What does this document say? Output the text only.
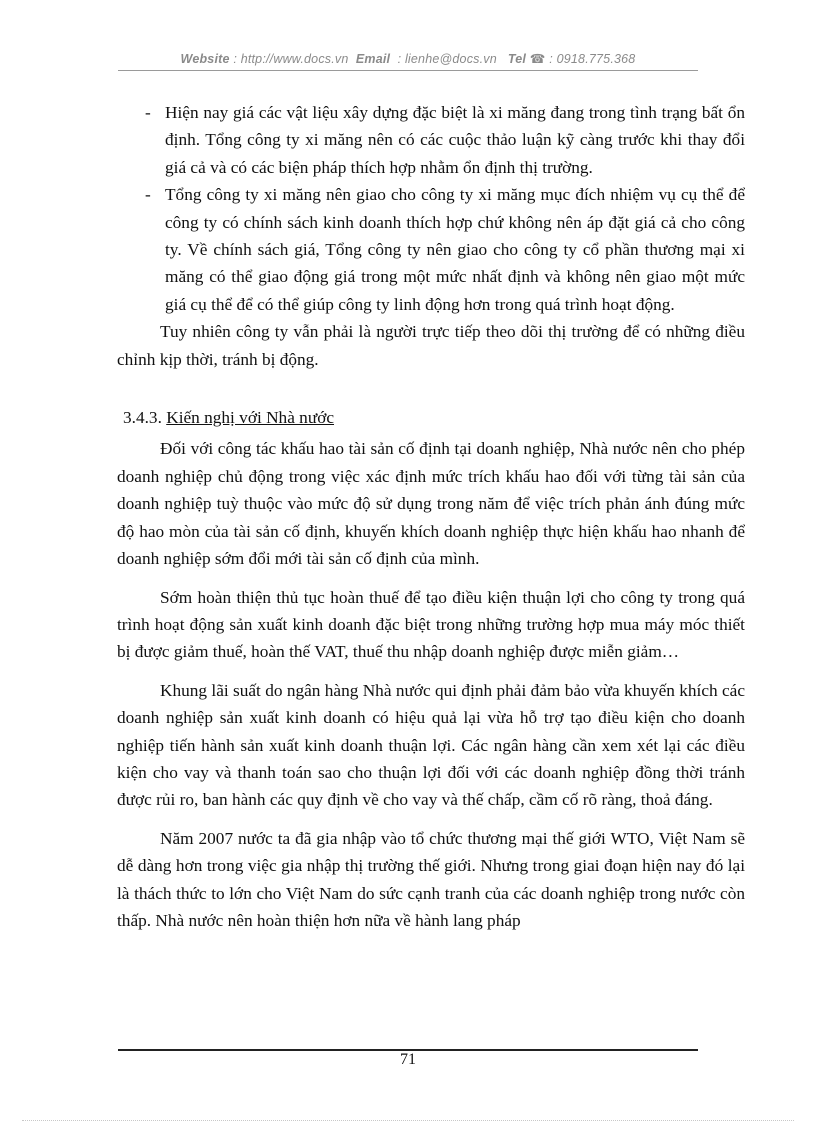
Website : http://www.docs.vn Email : lienhe@docs.vn Tel ☎ : 0918.775.368

- Hiện nay giá các vật liệu xây dựng đặc biệt là xi măng đang trong tình trạng bất ổn định. Tổng công ty xi măng nên có các cuộc thảo luận kỹ càng trước khi thay đổi giá cả và có các biện pháp thích hợp nhằm ổn định thị trường.

- Tổng công ty xi măng nên giao cho công ty xi măng mục đích nhiệm vụ cụ thể để công ty có chính sách kinh doanh thích hợp chứ không nên áp đặt giá cả cho công ty. Về chính sách giá, Tổng công ty nên giao cho công ty cổ phần thương mại xi măng có thể giao động giá trong một mức nhất định và không nên giao một mức giá cụ thể để có thể giúp công ty linh động hơn trong quá trình hoạt động.

Tuy nhiên công ty vẫn phải là người trực tiếp theo dõi thị trường để có những điều chỉnh kịp thời, tránh bị động.

3.4.3. Kiến nghị với Nhà nước

Đối với công tác khấu hao tài sản cố định tại doanh nghiệp, Nhà nước nên cho phép doanh nghiệp chủ động trong việc xác định mức trích khấu hao đối với từng tài sản của doanh nghiệp tuỳ thuộc vào mức độ sử dụng trong năm để việc trích phản ánh đúng mức độ hao mòn của tài sản cố định, khuyến khích doanh nghiệp thực hiện khấu hao nhanh để doanh nghiệp sớm đổi mới tài sản cố định của mình.

Sớm hoàn thiện thủ tục hoàn thuế để tạo điều kiện thuận lợi cho công ty trong quá trình hoạt động sản xuất kinh doanh đặc biệt trong những trường hợp mua máy móc thiết bị được giảm thuế, hoàn thế VAT, thuế thu nhập doanh nghiệp được miễn giảm…

Khung lãi suất do ngân hàng Nhà nước qui định phải đảm bảo vừa khuyến khích các doanh nghiệp sản xuất kinh doanh có hiệu quả lại vừa hỗ trợ tạo điều kiện cho doanh nghiệp tiến hành sản xuất kinh doanh thuận lợi. Các ngân hàng cần xem xét lại các điều kiện cho vay và thanh toán sao cho thuận lợi đối với các doanh nghiệp đồng thời tránh được rủi ro, ban hành các quy định về cho vay và thế chấp, cầm cố rõ ràng, thoả đáng.

Năm 2007 nước ta đã gia nhập vào tổ chức thương mại thế giới WTO, Việt Nam sẽ dễ dàng hơn trong việc gia nhập thị trường thế giới. Nhưng trong giai đoạn hiện nay đó lại là thách thức to lớn cho Việt Nam do sức cạnh tranh của các doanh nghiệp trong nước còn thấp. Nhà nước nên hoàn thiện hơn nữa về hành lang pháp

71
